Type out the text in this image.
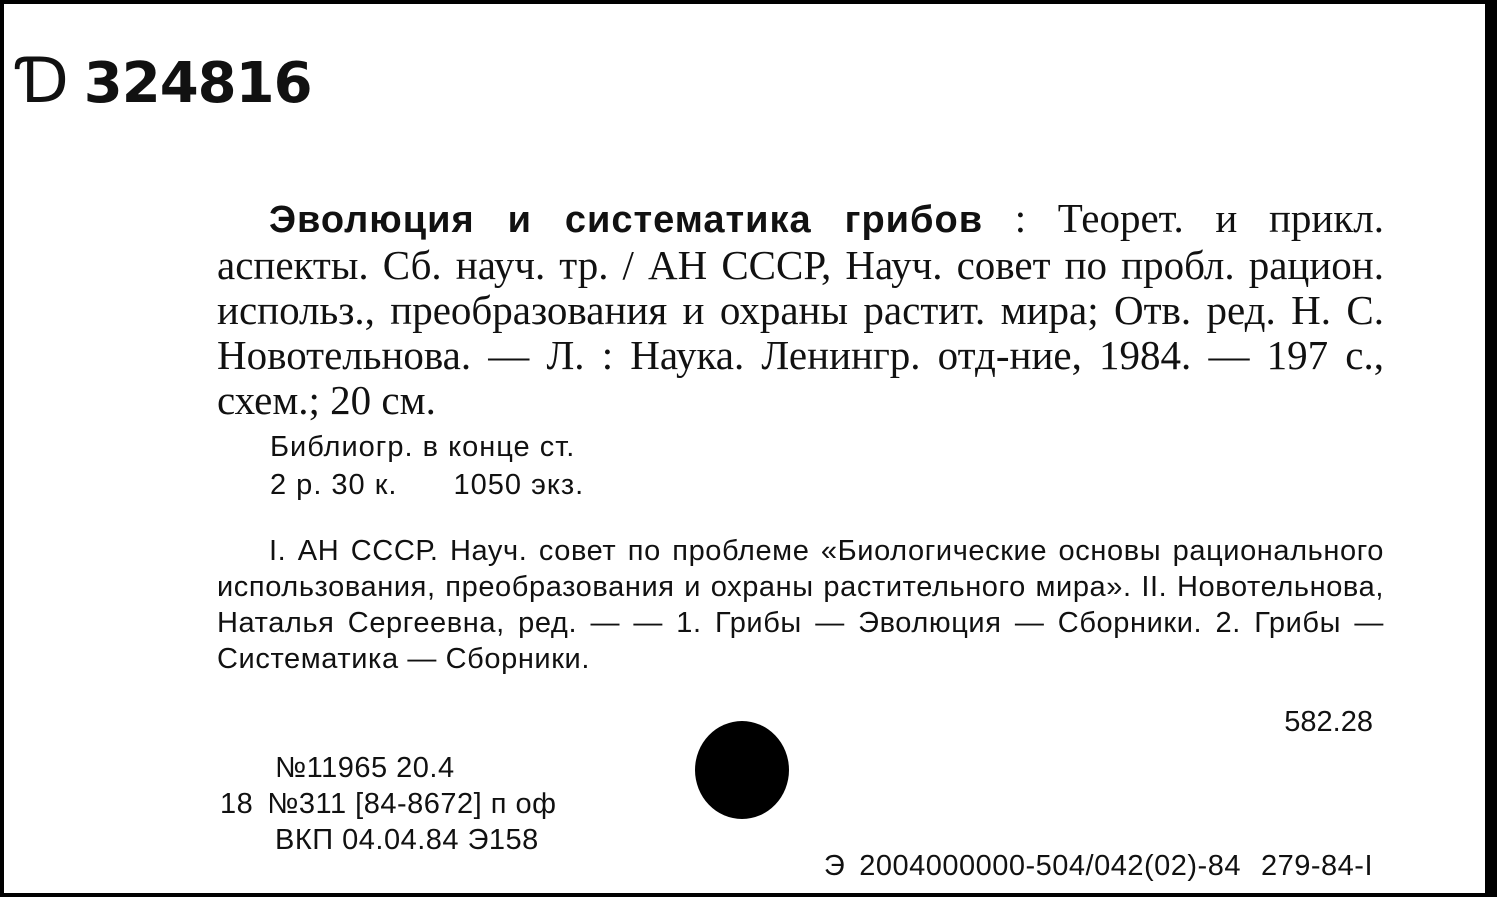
Ɗ 324816
Эволюция и систематика грибов : Теорет. и прикл. аспекты. Сб. науч. тр. / АН СССР, Науч. совет по пробл. рацион. использ., преобразования и охраны растит. мира; Отв. ред. Н. С. Новотельнова. — Л. : Наука. Ленингр. отд-ние, 1984. — 197 с., схем.; 20 см.
Библиогр. в конце ст.
2 р. 30 к. 1050 экз.
I. АН СССР. Науч. совет по проблеме «Биологические основы рационального использования, преобразования и охраны растительного мира». II. Новотельнова, Наталья Сергеевна, ред. — — 1. Грибы — Эволюция — Сборники. 2. Грибы — Систематика — Сборники.
582.28
№11965 20.4
18 №311 [84-8672] п оф
ВКП 04.04.84 Э158
Э 2004000000-504/042(02)-84 279-84-I
